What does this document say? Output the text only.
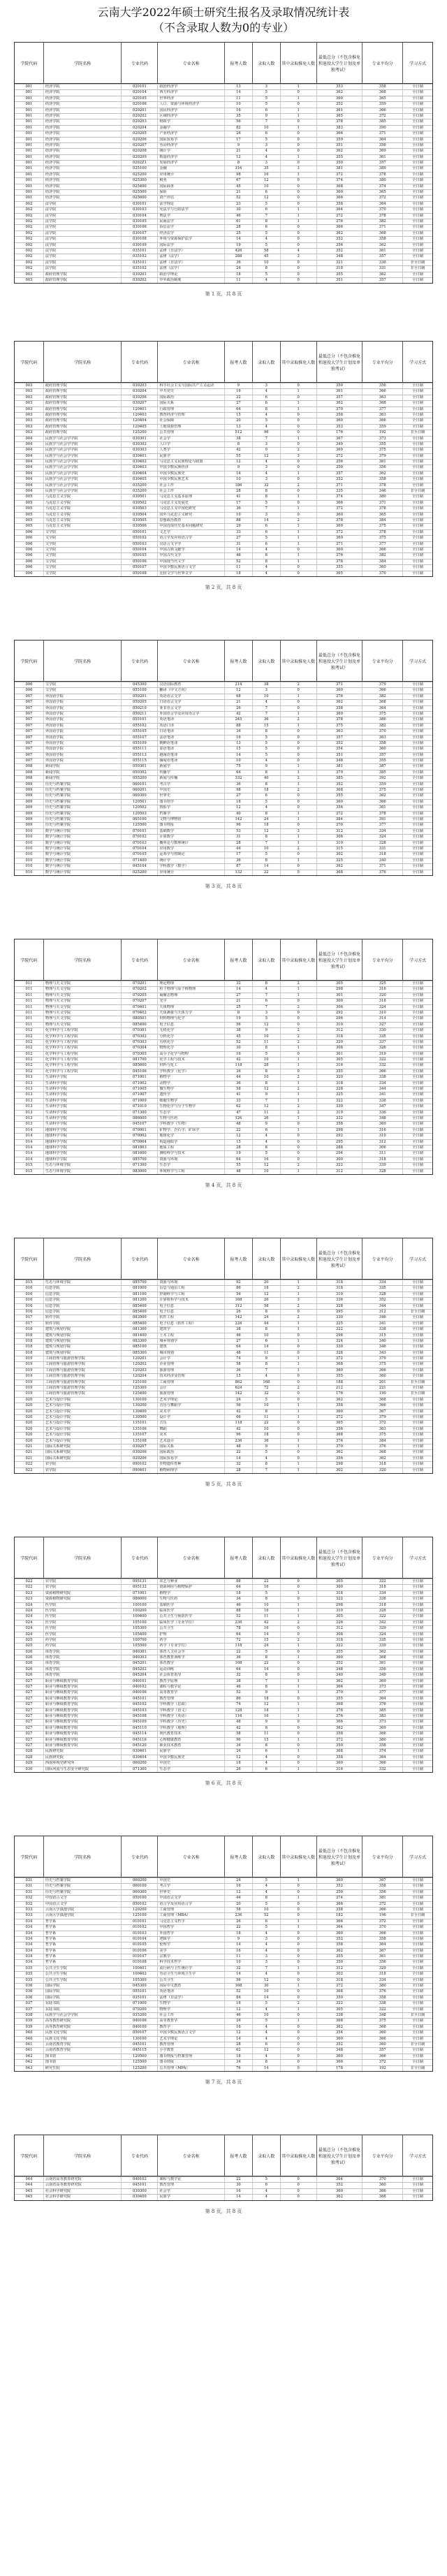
云南大学2022年硕士研究生报名及录取情况统计表
（不含录取人数为0的专业）
学院代码	学院名称	专业代码	专业名称	报考人数	录取人数	其中录取推免人数
最低总分（不包含推免和退役大学生计划及单独考试）
专业平均分	学习方式
001	经济学院	020101	政治经济学	13	3	1	353	358	全日制
001	经济学院	020104	西方经济学	14	5	0	362	368	全日制
001	经济学院	020105	世界经济	11	5	1	360	365	全日制
001	经济学院	020106	人口、资源与环境经济学	10	5	0	352	359	全日制
001	经济学院	020201	国民经济学	16	6	1	361	366	全日制
001	经济学院	020202	区域经济学	35	9	1	365	372	全日制
001	经济学院	020203	财政学	56	7	0	378	385	全日制
001	经济学院	020204	金融学	82	10	1	383	390	全日制
001	经济学院	020205	产业经济学	24	6	0	366	371	全日制
001	经济学院	020206	国际贸易学	17	5	0	359	364	全日制
001	经济学院	020207	劳动经济学	9	3	0	351	356	全日制
001	经济学院	020208	统计学	21	4	0	362	369	全日制
001	经济学院	020209	数量经济学	12	4	1	355	361	全日制
001	经济学院	0202Z1	发展经济学	8	3	0	350	357	全日制
001	经济学院	025100	金融	316	35	3	381	389	全日制
001	经济学院	025200	应用统计	98	16	1	372	378	全日制
001	经济学院	025300	税务	67	12	0	374	380	全日制
001	经济学院	025400	国际商务	45	10	0	368	374	全日制
001	经济学院	025500	保险	21	6	0	360	365	全日制
001	经济学院	025600	资产评估	52	12	0	366	372	全日制
002	法学院	030101	法学理论	23	5	0	358	364	全日制
002	法学院	030103	宪法学与行政法学	30	6	1	364	370	全日制
002	法学院	030104	刑法学	46	7	1	372	378	全日制
002	法学院	030105	民商法学	61	8	1	376	382	全日制
002	法学院	030106	诉讼法学	28	6	0	366	371	全日制
002	法学院	030107	经济法学	25	5	0	362	368	全日制
002	法学院	030108	环境与资源保护法学	14	4	0	352	358	全日制
002	法学院	030109	国际法学	19	5	0	356	362	全日制
002	法学院	035101	法律（非法学）	426	58	4	352	361	全日制
002	法学院	035102	法律（法学）	288	45	3	348	357	全日制
002	法学院	035101	法律（非法学）	36	10	0	321	336	非全日制
002	法学院	035102	法律（法学）	24	8	0	318	331	非全日制
003	政府管理学院	030201	政治学理论	18	5	0	355	362	全日制
003	政府管理学院	030202	中外政治制度	11	4	0	351	357	全日制
第 1 页，共 8 页
学院代码	学院名称	专业代码	专业名称	报考人数	录取人数	其中录取推免人数
最低总分（不包含推免和退役大学生计划及单独考试）
专业平均分	学习方式
003	政府管理学院	030203	科学社会主义与国际共产主义运动	9	3	0	350	356	全日制
003	政府管理学院	030204	中共党史	16	4	1	361	366	全日制
003	政府管理学院	030206	国际政治	22	6	0	357	363	全日制
003	政府管理学院	030207	国际关系	27	6	1	362	368	全日制
003	政府管理学院	120401	行政管理	64	8	1	370	377	全日制
003	政府管理学院	120403	教育经济与管理	15	4	0	358	363	全日制
003	政府管理学院	120404	社会保障	20	5	0	360	366	全日制
003	政府管理学院	120405	土地资源管理	13	4	0	353	359	全日制
003	政府管理学院	125200	公共管理	512	96	0	176	192	非全日制
004	民族学与社会学学院	030301	社会学	38	7	1	367	373	全日制
004	民族学与社会学学院	030302	人口学	8	3	0	349	355	全日制
004	民族学与社会学学院	030303	人类学	42	9	2	369	375	全日制
004	民族学与社会学学院	030401	民族学	55	12	3	372	379	全日制
004	民族学与社会学学院	030402	马克思主义民族理论与政策	12	4	0	356	361	全日制
004	民族学与社会学学院	030403	中国少数民族经济	9	3	0	350	356	全日制
004	民族学与社会学学院	030404	中国少数民族史	14	4	1	357	362	全日制
004	民族学与社会学学院	030405	中国少数民族艺术	10	3	0	352	358	全日制
004	民族学与社会学学院	035200	社会工作	186	32	2	371	378	全日制
004	民族学与社会学学院	035200	社会工作	28	8	0	335	346	非全日制
005	马克思主义学院	030501	马克思主义基本原理	41	8	1	374	380	全日制
005	马克思主义学院	030502	马克思主义发展史	17	5	0	366	371	全日制
005	马克思主义学院	030503	马克思主义中国化研究	36	7	1	372	378	全日制
005	马克思主义学院	030504	国外马克思主义研究	10	3	0	360	365	全日制
005	马克思主义学院	030505	思想政治教育	88	14	2	378	384	全日制
005	马克思主义学院	030506	中国近现代史基本问题研究	29	6	1	369	375	全日制
006	文学院	050101	文艺学	33	6	1	372	378	全日制
006	文学院	050102	语言学及应用语言学	27	5	1	369	375	全日制
006	文学院	050103	汉语言文字学	31	6	1	371	377	全日制
006	文学院	050104	中国古典文献学	14	4	0	360	366	全日制
006	文学院	050105	中国古代文学	46	8	1	376	382	全日制
006	文学院	050106	中国现当代文学	52	8	1	378	384	全日制
006	文学院	050107	中国少数民族语言文学	11	4	0	355	360	全日制
006	文学院	050108	比较文学与世界文学	18	4	0	365	370	全日制
第 2 页，共 8 页
学院代码	学院名称	专业代码	专业名称	报考人数	录取人数	其中录取推免人数
最低总分（不包含推免和退役大学生计划及单独考试）
专业平均分	学习方式
006	文学院	045300	汉语国际教育	214	38	2	371	379	全日制
006	文学院	055100	翻译（中文方向）	12	3	0	360	366	全日制
007	外国语学院	050201	英语语言文学	68	10	1	376	382	全日制
007	外国语学院	050205	日语语言文学	21	4	0	362	368	全日制
007	外国语学院	050210	亚非语言文学	26	7	0	358	364	全日制
007	外国语学院	050211	外国语言学及应用语言学	42	7	1	369	375	全日制
007	外国语学院	055101	英语笔译	245	36	2	378	386	全日制
007	外国语学院	055102	英语口译	88	15	1	375	382	全日制
007	外国语学院	055105	日语笔译	34	8	0	363	370	全日制
007	外国语学院	055107	法语笔译	16	5	0	357	363	全日制
007	外国语学院	055109	朝鲜语笔译	13	5	0	352	358	全日制
007	外国语学院	055111	泰语笔译	15	5	0	354	360	全日制
007	外国语学院	055113	越南语笔译	14	5	0	351	357	全日制
007	外国语学院	055115	缅甸语笔译	10	4	0	348	355	全日制
008	新闻学院	050301	新闻学	75	9	1	381	387	全日制
008	新闻学院	050302	传播学	64	8	1	379	385	全日制
008	新闻学院	055200	新闻与传播	332	40	2	385	392	全日制
009	历史与档案学院	060101	考古学	36	8	1	352	359	全日制
009	历史与档案学院	060201	中国史	98	18	2	368	375	全日制
009	历史与档案学院	060300	世界史	27	6	0	355	362	全日制
009	历史与档案学院	120501	图书馆学	18	5	0	360	366	全日制
009	历史与档案学院	120502	情报学	12	4	0	356	361	全日制
009	历史与档案学院	120503	档案学	40	8	1	372	378	全日制
009	历史与档案学院	065100	文物与博物馆	142	24	1	384	391	全日制
009	历史与档案学院	125500	图书情报	96	18	0	370	377	全日制
010	数学与统计学院	070101	基础数学	53	12	3	312	334	全日制
010	数学与统计学院	070102	计算数学	31	8	1	306	324	全日制
010	数学与统计学院	070103	概率论与数理统计	28	7	1	310	328	全日制
010	数学与统计学院	070104	应用数学	44	10	2	315	331	全日制
010	数学与统计学院	070105	运筹学与控制论	17	5	0	302	318	全日制
010	数学与统计学院	071400	统计学	36	8	1	325	340	全日制
010	数学与统计学院	045104	学科教学（数学）	87	14	0	362	371	全日制
010	数学与统计学院	025200	应用统计	132	22	0	368	376	全日制
第 3 页，共 8 页
学院代码	学院名称	专业代码	专业名称	报考人数	录取人数	其中录取推免人数
最低总分（不包含推免和退役大学生计划及单独考试）
专业平均分	学习方式
011	物理与天文学院	070201	理论物理	32	8	2	305	325	全日制
011	物理与天文学院	070202	粒子物理与原子核物理	14	4	1	298	316	全日制
011	物理与天文学院	070205	凝聚态物理	27	7	1	301	320	全日制
011	物理与天文学院	070207	光学	21	6	0	300	318	全日制
011	物理与天文学院	070401	天体物理	25	7	2	306	324	全日制
011	物理与天文学院	070402	天体测量与天体力学	8	3	0	292	310	全日制
011	物理与天文学院	080501	材料物理与化学	19	5	0	296	314	全日制
011	物理与天文学院	085400	电子信息	56	12	0	310	327	全日制
012	化学科学与工程学院	070301	无机化学	38	9	2	312	330	全日制
012	化学科学与工程学院	070302	分析化学	45	10	2	318	335	全日制
012	化学科学与工程学院	070303	有机化学	52	11	2	320	337	全日制
012	化学科学与工程学院	070304	物理化学	30	8	1	308	326	全日制
012	化学科学与工程学院	070305	高分子化学与物理	16	5	0	301	319	全日制
012	化学科学与工程学院	081700	化学工程与技术	42	10	1	305	322	全日制
012	化学科学与工程学院	085600	材料与化工	118	28	1	316	332	全日制
012	化学科学与工程学院	045106	学科教学（化学）	34	8	0	355	366	全日制
013	生命科学学院	071001	植物学	44	10	2	320	338	全日制
013	生命科学学院	071002	动物学	36	8	1	318	334	全日制
013	生命科学学院	071005	微生物学	58	12	2	328	344	全日制
013	生命科学学院	071007	遗传学	41	9	1	325	341	全日制
013	生命科学学院	071009	细胞生物学	33	7	1	322	338	全日制
013	生命科学学院	071010	生物化学与分子生物学	62	12	2	330	347	全日制
013	生命科学学院	071300	生态学	47	11	2	319	336	全日制
013	生命科学学院	086000	生物与医药	126	26	1	332	348	全日制
013	生命科学学院	045107	学科教学（生物）	48	9	0	358	369	全日制
014	地球科学学院	070901	矿物学、岩石学、矿床学	22	6	1	298	316	全日制
014	地球科学学院	070902	地球化学	12	4	0	292	310	全日制
014	地球科学学院	070904	构造地质学	15	4	0	295	312	全日制
014	地球科学学院	081803	地质工程	28	8	0	288	306	全日制
014	地球科学学院	081600	测绘科学与技术	19	5	0	294	311	全日制
014	地球科学学院	085700	资源与环境	64	16	0	300	318	全日制
015	生态与环境学院	071300	生态学	55	12	2	322	339	全日制
015	生态与环境学院	083000	环境科学与工程	48	10	1	312	328	全日制
第 4 页，共 8 页
学院代码	学院名称	专业代码	专业名称	报考人数	录取人数	其中录取推免人数
最低总分（不包含推免和退役大学生计划及单独考试）
专业平均分	学习方式
015	生态与环境学院	085700	资源与环境	92	20	1	318	334	全日制
016	信息学院	081000	信息与通信工程	86	18	2	318	335	全日制
016	信息学院	081100	控制科学与工程	54	12	1	310	328	全日制
016	信息学院	081200	计算机科学与技术	168	26	3	336	352	全日制
016	信息学院	085400	电子信息	312	58	2	328	344	全日制
016	信息学院	085400	电子信息	26	8	0	295	312	非全日制
017	软件学院	083500	软件工程	142	24	2	330	346	全日制
017	软件学院	085400	电子信息（软件工程）	226	44	1	325	341	全日制
018	建筑与规划学院	081300	建筑学	38	8	1	322	338	全日制
018	建筑与规划学院	081400	土木工程	46	10	0	298	315	全日制
018	建筑与规划学院	083300	城乡规划学	27	6	1	324	340	全日制
018	建筑与规划学院	085100	建筑	64	14	0	330	346	全日制
018	建筑与规划学院	085300	城市规划	48	11	0	328	343	全日制
019	工商管理与旅游管理学院	120201	会计学	74	9	1	372	379	全日制
019	工商管理与旅游管理学院	120202	企业管理	58	8	1	368	375	全日制
019	工商管理与旅游管理学院	120203	旅游管理	36	7	1	360	366	全日制
019	工商管理与旅游管理学院	120204	技术经济及管理	15	4	0	355	360	全日制
019	工商管理与旅游管理学院	125100	工商管理	862	168	0	188	201	非全日制
019	工商管理与旅游管理学院	125300	会计	624	72	2	212	221	全日制
019	工商管理与旅游管理学院	125400	旅游管理	142	32	0	176	190	非全日制
020	艺术与设计学院	130100	艺术学理论	24	5	0	362	368	全日制
020	艺术与设计学院	130200	音乐与舞蹈学	56	10	1	358	366	全日制
020	艺术与设计学院	130400	美术学	42	8	1	360	367	全日制
020	艺术与设计学院	130500	设计学	66	11	1	372	379	全日制
020	艺术与设计学院	135101	音乐	118	22	0	365	372	全日制
020	艺术与设计学院	135106	舞蹈	42	10	0	356	363	全日制
020	艺术与设计学院	135107	美术	96	18	0	368	375	全日制
020	艺术与设计学院	135108	艺术设计	236	36	1	376	384	全日制
021	国际关系研究院	030207	国际关系	48	9	1	370	376	全日制
021	国际关系研究院	030206	国际政治	22	5	0	362	368	全日制
021	国际关系研究院	020206	国际贸易学	14	4	0	356	362	全日制
022	农学院	090102	作物遗传育种	32	8	1	298	318	全日制
022	农学院	090401	植物病理学	28	7	1	302	320	全日制
第 5 页，共 8 页
学院代码	学院名称	专业代码	专业名称	报考人数	录取人数	其中录取推免人数
最低总分（不包含推免和退役大学生计划及单独考试）
专业平均分	学习方式
022	农学院	095131	农艺与种业	88	22	0	305	322	全日制
022	农学院	095132	资源利用与植物保护	64	16	0	300	318	全日制
023	资源植物研究院	071001	植物学	18	5	1	318	334	全日制
023	资源植物研究院	086000	生物与医药	34	8	0	322	338	全日制
024	医学院	100100	基础医学	46	10	1	298	318	全日制
024	医学院	100200	临床医学	88	16	1	310	328	全日制
024	医学院	100400	公共卫生与预防医学	52	11	1	305	322	全日制
024	医学院	105100	临床医学（专业学位）	236	42	2	326	342	全日制
024	医学院	105300	公共卫生	78	16	0	312	329	全日制
024	医学院	105400	护理	64	14	0	308	324	全日制
025	药学院	100700	药学	72	15	2	318	335	全日制
025	药学院	105500	药学（专业学位）	118	24	1	322	339	全日制
026	体育学院	040301	体育人文社会学	22	5	0	355	362	全日制
026	体育学院	040303	体育教育训练学	36	8	1	360	368	全日制
026	体育学院	045201	体育教学	108	22	0	352	361	全日制
026	体育学院	045202	运动训练	64	14	0	348	356	全日制
026	体育学院	045204	社会体育指导	32	8	0	340	349	全日制
027	职业与继续教育学院	040101	教育学原理	38	7	1	362	369	全日制
027	职业与继续教育学院	040102	课程与教学论	46	8	1	366	373	全日制
027	职业与继续教育学院	040106	高等教育学	52	9	1	370	377	全日制
027	职业与继续教育学院	045101	教育管理	86	18	0	355	364	全日制
027	职业与继续教育学院	045102	学科教学（思政）	74	12	1	368	376	全日制
027	职业与继续教育学院	045103	学科教学（语文）	128	18	1	378	385	全日制
027	职业与继续教育学院	045108	学科教学（英语）	116	16	1	376	383	全日制
027	职业与继续教育学院	045109	学科教学（历史）	48	9	0	366	373	全日制
027	职业与继续教育学院	045110	学科教学（地理）	42	8	0	362	369	全日制
027	职业与继续教育学院	045114	现代教育技术	58	11	0	358	366	全日制
027	职业与继续教育学院	045116	心理健康教育	96	15	1	372	380	全日制
027	职业与继续教育学院	045120	职业技术教育	34	8	0	350	358	全日制
028	民族研究院	030401	民族学	24	6	1	368	374	全日制
028	民族研究院	030404	中国少数民族史	12	4	0	358	364	全日制
029	西南环境史研究所	060200	中国史	18	4	0	360	366	全日制
030	国际河流与生态安全研究院	071300	生态学	26	6	1	316	332	全日制
第 6 页，共 8 页
学院代码	学院名称	专业代码	专业名称	报考人数	录取人数	其中录取推免人数
最低总分（不包含推免和退役大学生计划及单独考试）
专业平均分	学习方式
031	历史与档案学院	060200	中国史	24	5	1	360	367	全日制
031	历史与档案学院	060100	考古学	16	4	0	352	358	全日制
031	历史与档案学院	060300	世界史	12	4	0	350	356	全日制
032	中国语言文学	050100	中国语言文学	44	8	1	374	381	全日制
032	中国语言文学	050102	语言学及应用语言学	20	5	0	366	372	全日制
033	云南大学滇池学院	120200	工商管理	58	10	0	358	366	全日制
033	云南大学滇池学院	125100	工商管理（MBA）	236	52	0	182	196	非全日制
034	哲学系	010101	马克思主义哲学	26	6	1	366	372	全日制
034	哲学系	010102	中国哲学	22	5	1	364	370	全日制
034	哲学系	010103	外国哲学	18	4	0	360	366	全日制
034	哲学系	010104	逻辑学	9	3	0	352	358	全日制
034	哲学系	010105	伦理学	14	4	0	358	364	全日制
034	哲学系	010106	美学	16	4	0	362	367	全日制
034	哲学系	010107	宗教学	11	3	0	355	361	全日制
034	哲学系	010108	科学技术哲学	10	3	0	350	356	全日制
035	公共卫生学院	100401	流行病与卫生统计学	32	7	1	312	329	全日制
035	公共卫生学院	100402	劳动卫生与环境卫生学	14	4	0	302	318	全日制
035	公共卫生学院	105300	公共卫生	56	12	0	318	334	全日制
036	国际学院	045300	国际中文教育	168	30	1	372	380	全日制
036	国际学院	055101	英语笔译	52	10	0	368	376	全日制
036	国际学院	035101	法律（非法学）	84	14	0	350	358	全日制
037	东陆书院	071000	生物学	18	5	2	322	338	全日制
037	东陆书院	070200	物理学	12	4	1	305	322	全日制
038	民族学与社会学学院	035200	社会工作	46	10	0	338	348	非全日制
039	高等教育研究院	040106	高等教育学	24	5	1	368	375	全日制
039	高等教育研究院	040100	教育学	16	4	0	362	368	全日制
040	民族文化学院	050107	中国少数民族语言文学	12	4	0	354	360	全日制
040	民族文化学院	130100	艺术学理论	14	4	0	360	366	全日制
041	云南省教育学院	045101	教育管理	28	6	0	352	360	非全日制
041	云南省教育学院	045115	小学教育	62	12	0	348	357	全日制
042	图书馆	120500	图书情报与档案管理	18	4	0	360	366	全日制
042	图书馆	125500	图书情报	34	8	0	366	372	全日制
043	研究生院	125200	公共管理（MPA）	76	14	0	178	192	非全日制
第 7 页，共 8 页
学院代码	学院名称	专业代码	专业名称	报考人数	录取人数	其中录取推免人数
最低总分（不包含推免和退役大学生计划及单独考试）
专业平均分	学习方式
044	云南省高等教育研究院	040102	课程与教学论	22	5	0	364	370	全日制
044	云南省高等教育研究院	045101	教育管理	30	6	0	352	360	全日制
045	社会科学研究院	030300	社会学	16	4	0	360	366	全日制
045	社会科学研究院	030400	民族学	14	4	0	362	368	全日制
第 8 页，共 8 页
